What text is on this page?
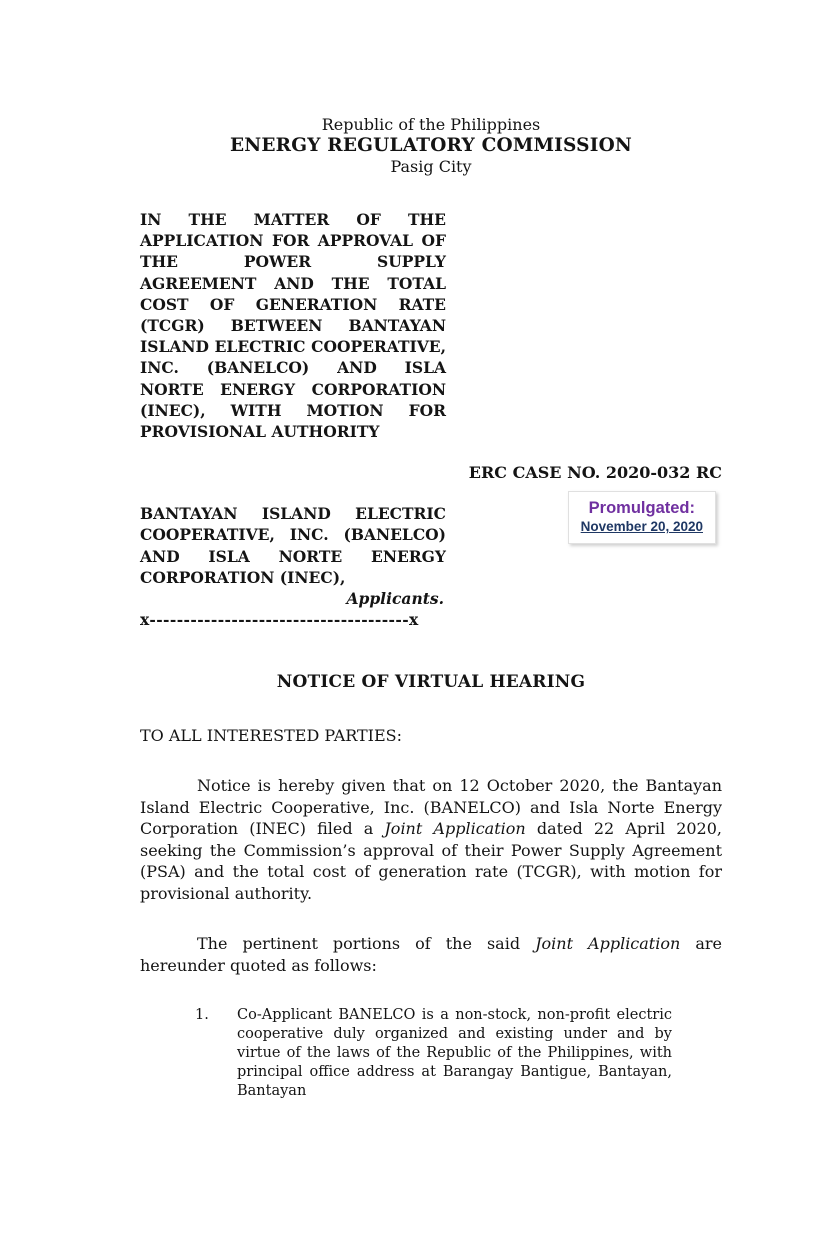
Republic of the Philippines
ENERGY REGULATORY COMMISSION
Pasig City
IN THE MATTER OF THE APPLICATION FOR APPROVAL OF THE POWER SUPPLY AGREEMENT AND THE TOTAL COST OF GENERATION RATE (TCGR) BETWEEN BANTAYAN ISLAND ELECTRIC COOPERATIVE, INC. (BANELCO) AND ISLA NORTE ENERGY CORPORATION (INEC), WITH MOTION FOR PROVISIONAL AUTHORITY
ERC CASE NO. 2020-032 RC
BANTAYAN ISLAND ELECTRIC COOPERATIVE, INC. (BANELCO) AND ISLA NORTE ENERGY CORPORATION (INEC),
Applicants.
x--------------------------------------x
Promulgated:
November 20, 2020
NOTICE OF VIRTUAL HEARING
TO ALL INTERESTED PARTIES:
Notice is hereby given that on 12 October 2020, the Bantayan Island Electric Cooperative, Inc. (BANELCO) and Isla Norte Energy Corporation (INEC) filed a Joint Application dated 22 April 2020, seeking the Commission’s approval of their Power Supply Agreement (PSA) and the total cost of generation rate (TCGR), with motion for provisional authority.
The pertinent portions of the said Joint Application are hereunder quoted as follows:
1.	Co-Applicant BANELCO is a non-stock, non-profit electric cooperative duly organized and existing under and by virtue of the laws of the Republic of the Philippines, with principal office address at Barangay Bantigue, Bantayan, Bantayan
